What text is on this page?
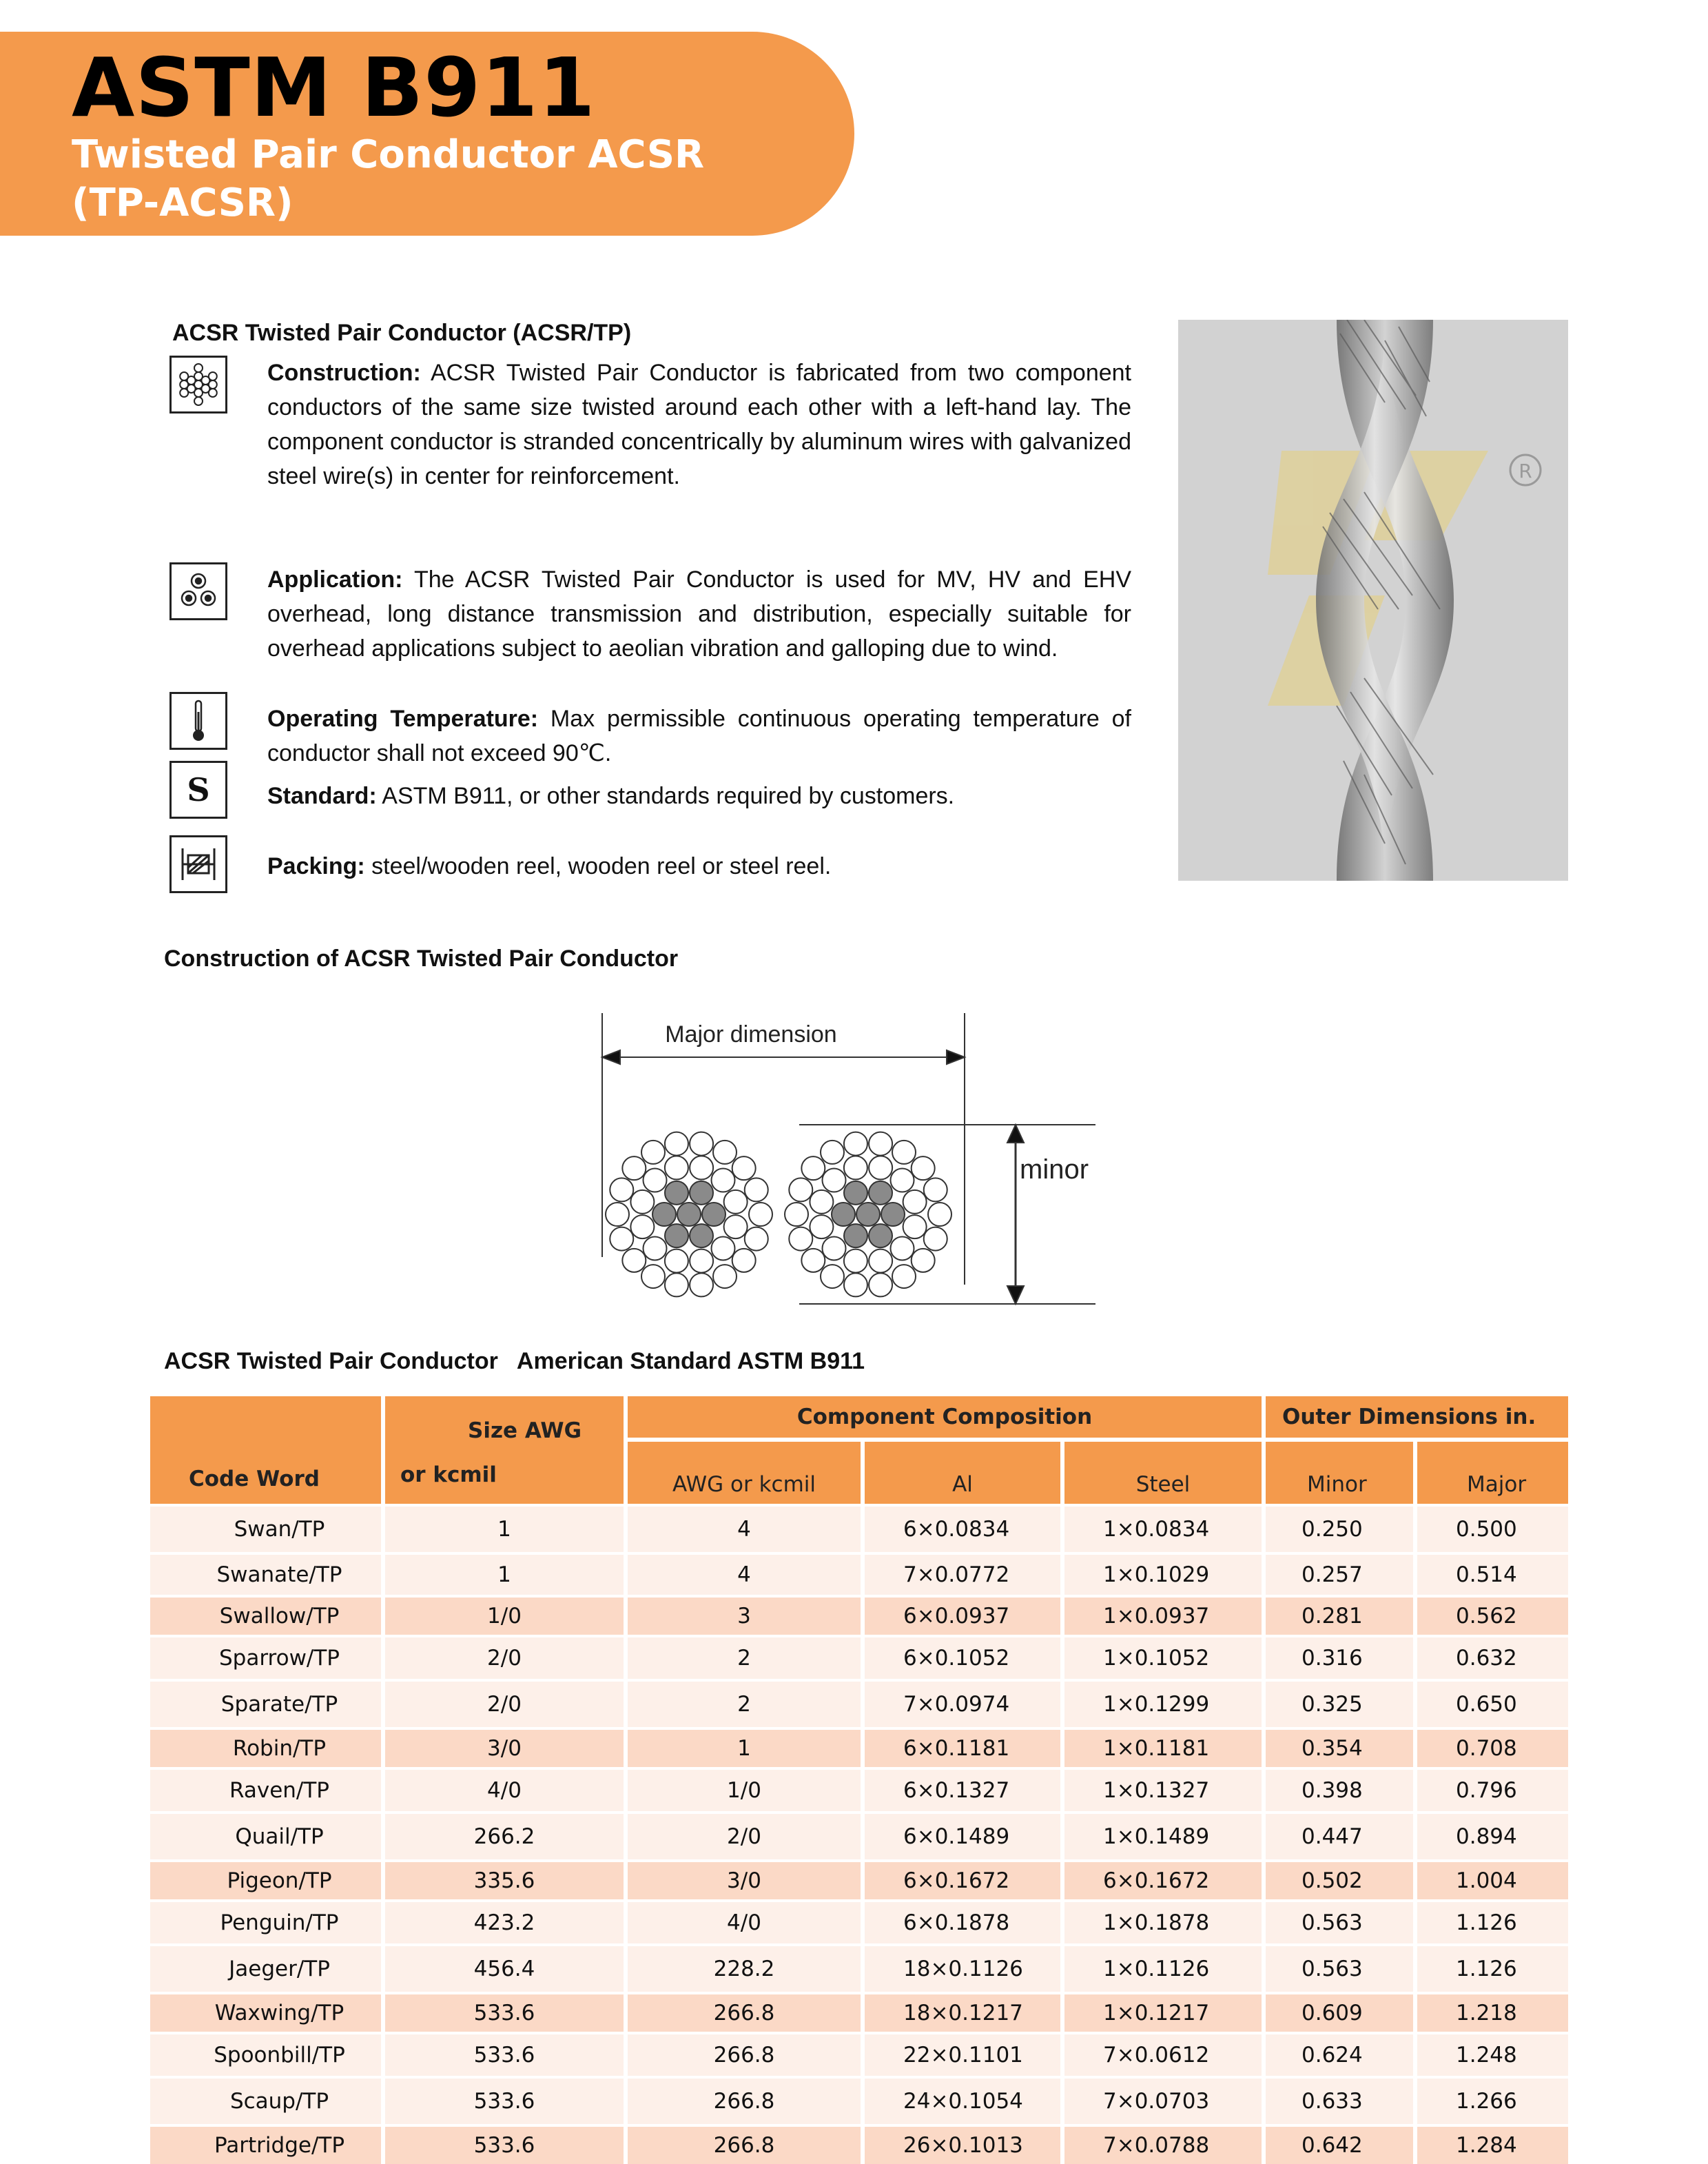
ASTM B911
Twisted Pair Conductor ACSR (TP-ACSR)
ACSR Twisted Pair Conductor (ACSR/TP)

Construction: ACSR Twisted Pair Conductor is fabricated from two component conductors of the same size twisted around each other with a left-hand lay. The component conductor is stranded concentrically by aluminum wires with galvanized steel wire(s) in center for reinforcement.

Application: The ACSR Twisted Pair Conductor is used for MV, HV and EHV overhead, long distance transmission and distribution, especially suitable for overhead applications subject to aeolian vibration and galloping due to wind.

Operating Temperature: Max permissible continuous operating temperature of conductor shall not exceed 90℃.

S	Standard: ASTM B911, or other standards required by customers.

Packing: steel/wooden reel, wooden reel or steel reel.

R
Construction of ACSR Twisted Pair Conductor
Major dimension
minor
ACSR Twisted Pair Conductor   American Standard ASTM B911
Code Word	Size AWG
or kcmil	Component Composition			Outer Dimensions in.	
		AWG or kcmil	Al	Steel	Minor	Major
Swan/TP	1	4	6×0.0834	1×0.0834	0.250	0.500
Swanate/TP	1	4	7×0.0772	1×0.1029	0.257	0.514
Swallow/TP	1/0	3	6×0.0937	1×0.0937	0.281	0.562
Sparrow/TP	2/0	2	6×0.1052	1×0.1052	0.316	0.632
Sparate/TP	2/0	2	7×0.0974	1×0.1299	0.325	0.650
Robin/TP	3/0	1	6×0.1181	1×0.1181	0.354	0.708
Raven/TP	4/0	1/0	6×0.1327	1×0.1327	0.398	0.796
Quail/TP	266.2	2/0	6×0.1489	1×0.1489	0.447	0.894
Pigeon/TP	335.6	3/0	6×0.1672	6×0.1672	0.502	1.004
Penguin/TP	423.2	4/0	6×0.1878	1×0.1878	0.563	1.126
Jaeger/TP	456.4	228.2	18×0.1126	1×0.1126	0.563	1.126
Waxwing/TP	533.6	266.8	18×0.1217	1×0.1217	0.609	1.218
Spoonbill/TP	533.6	266.8	22×0.1101	7×0.0612	0.624	1.248
Scaup/TP	533.6	266.8	24×0.1054	7×0.0703	0.633	1.266
Partridge/TP	533.6	266.8	26×0.1013	7×0.0788	0.642	1.284
